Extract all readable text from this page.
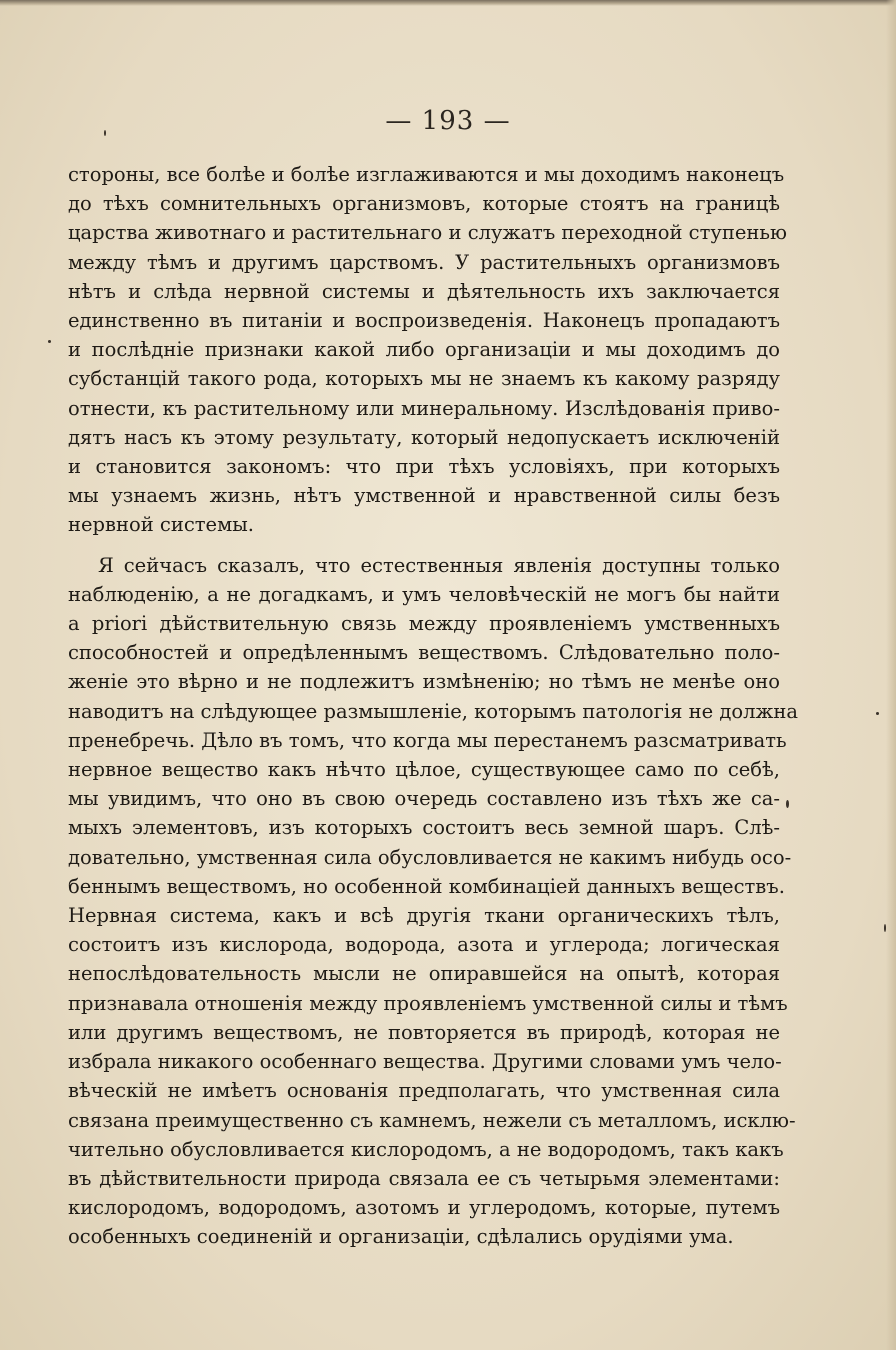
— 193 —
стороны, все болѣе и болѣе изглаживаются и мы доходимъ наконецъ
до тѣхъ сомнительныхъ организмовъ, которые стоятъ на границѣ
царства животнаго и растительнаго и служатъ переходной ступенью
между тѣмъ и другимъ царствомъ. У растительныхъ организмовъ
нѣтъ и слѣда нервной системы и дѣятельность ихъ заключается
единственно въ питаніи и воспроизведенія. Наконецъ пропадаютъ
и послѣдніе признаки какой либо организаціи и мы доходимъ до
субстанцій такого рода, которыхъ мы не знаемъ къ какому разряду
отнести, къ растительному или минеральному. Изслѣдованія приво-
дятъ насъ къ этому результату, который недопускаетъ исключеній
и становится закономъ: что при тѣхъ условіяхъ, при которыхъ
мы узнаемъ жизнь, нѣтъ умственной и нравственной силы безъ
нервной системы.
Я сейчасъ сказалъ, что естественныя явленія доступны только
наблюденію, а не догадкамъ, и умъ человѣческій не могъ бы найти
a priori дѣйствительную связь между проявленіемъ умственныхъ
способностей и опредѣленнымъ веществомъ. Слѣдовательно поло-
женіе это вѣрно и не подлежитъ измѣненію; но тѣмъ не менѣе оно
наводитъ на слѣдующее размышленіе, которымъ патологія не должна
пренебречь. Дѣло въ томъ, что когда мы перестанемъ разсматривать
нервное вещество какъ нѣчто цѣлое, существующее само по себѣ,
мы увидимъ, что оно въ свою очередь составлено изъ тѣхъ же са-
мыхъ элементовъ, изъ которыхъ состоитъ весь земной шаръ. Слѣ-
довательно, умственная сила обусловливается не какимъ нибудь осо-
беннымъ веществомъ, но особенной комбинаціей данныхъ веществъ.
Нервная система, какъ и всѣ другія ткани органическихъ тѣлъ,
состоитъ изъ кислорода, водорода, азота и углерода; логическая
непослѣдовательность мысли не опиравшейся на опытѣ, которая
признавала отношенія между проявленіемъ умственной силы и тѣмъ
или другимъ веществомъ, не повторяется въ природѣ, которая не
избрала никакого особеннаго вещества. Другими словами умъ чело-
вѣческій не имѣетъ основанія предполагать, что умственная сила
связана преимущественно съ камнемъ, нежели съ металломъ, исклю-
чительно обусловливается кислородомъ, а не водородомъ, такъ какъ
въ дѣйствительности природа связала ее съ четырьмя элементами:
кислородомъ, водородомъ, азотомъ и углеродомъ, которые, путемъ
особенныхъ соединеній и организаціи, сдѣлались орудіями ума.
